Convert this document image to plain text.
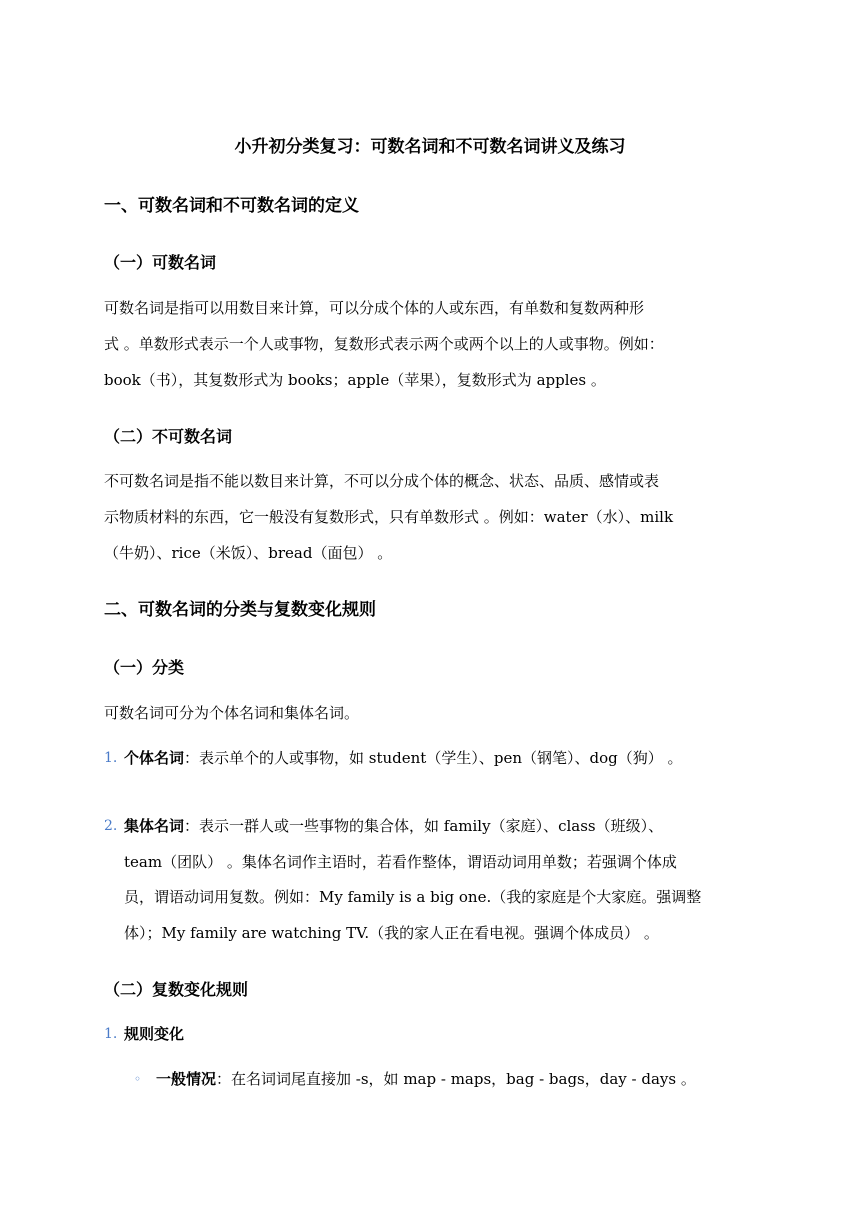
小升初分类复习：可数名词和不可数名词讲义及练习
一、可数名词和不可数名词的定义
（一）可数名词
可数名词是指可以用数目来计算，可以分成个体的人或东西，有单数和复数两种形
式 。单数形式表示一个人或事物，复数形式表示两个或两个以上的人或事物。例如：
book（书），其复数形式为 books；apple（苹果），复数形式为 apples 。
（二）不可数名词
不可数名词是指不能以数目来计算，不可以分成个体的概念、状态、品质、感情或表
示物质材料的东西，它一般没有复数形式，只有单数形式 。例如：water（水）、milk
（牛奶）、rice（米饭）、bread（面包） 。
二、可数名词的分类与复数变化规则
（一）分类
可数名词可分为个体名词和集体名词。
1. 个体名词：表示单个的人或事物，如 student（学生）、pen（钢笔）、dog（狗） 。
2. 集体名词：表示一群人或一些事物的集合体，如 family（家庭）、class（班级）、
team（团队） 。集体名词作主语时，若看作整体，谓语动词用单数；若强调个体成
员，谓语动词用复数。例如：My family is a big one.（我的家庭是个大家庭。强调整
体）；My family are watching TV.（我的家人正在看电视。强调个体成员） 。
（二）复数变化规则
1. 规则变化
◦ 一般情况：在名词词尾直接加 -s，如 map - maps，bag - bags，day - days 。
